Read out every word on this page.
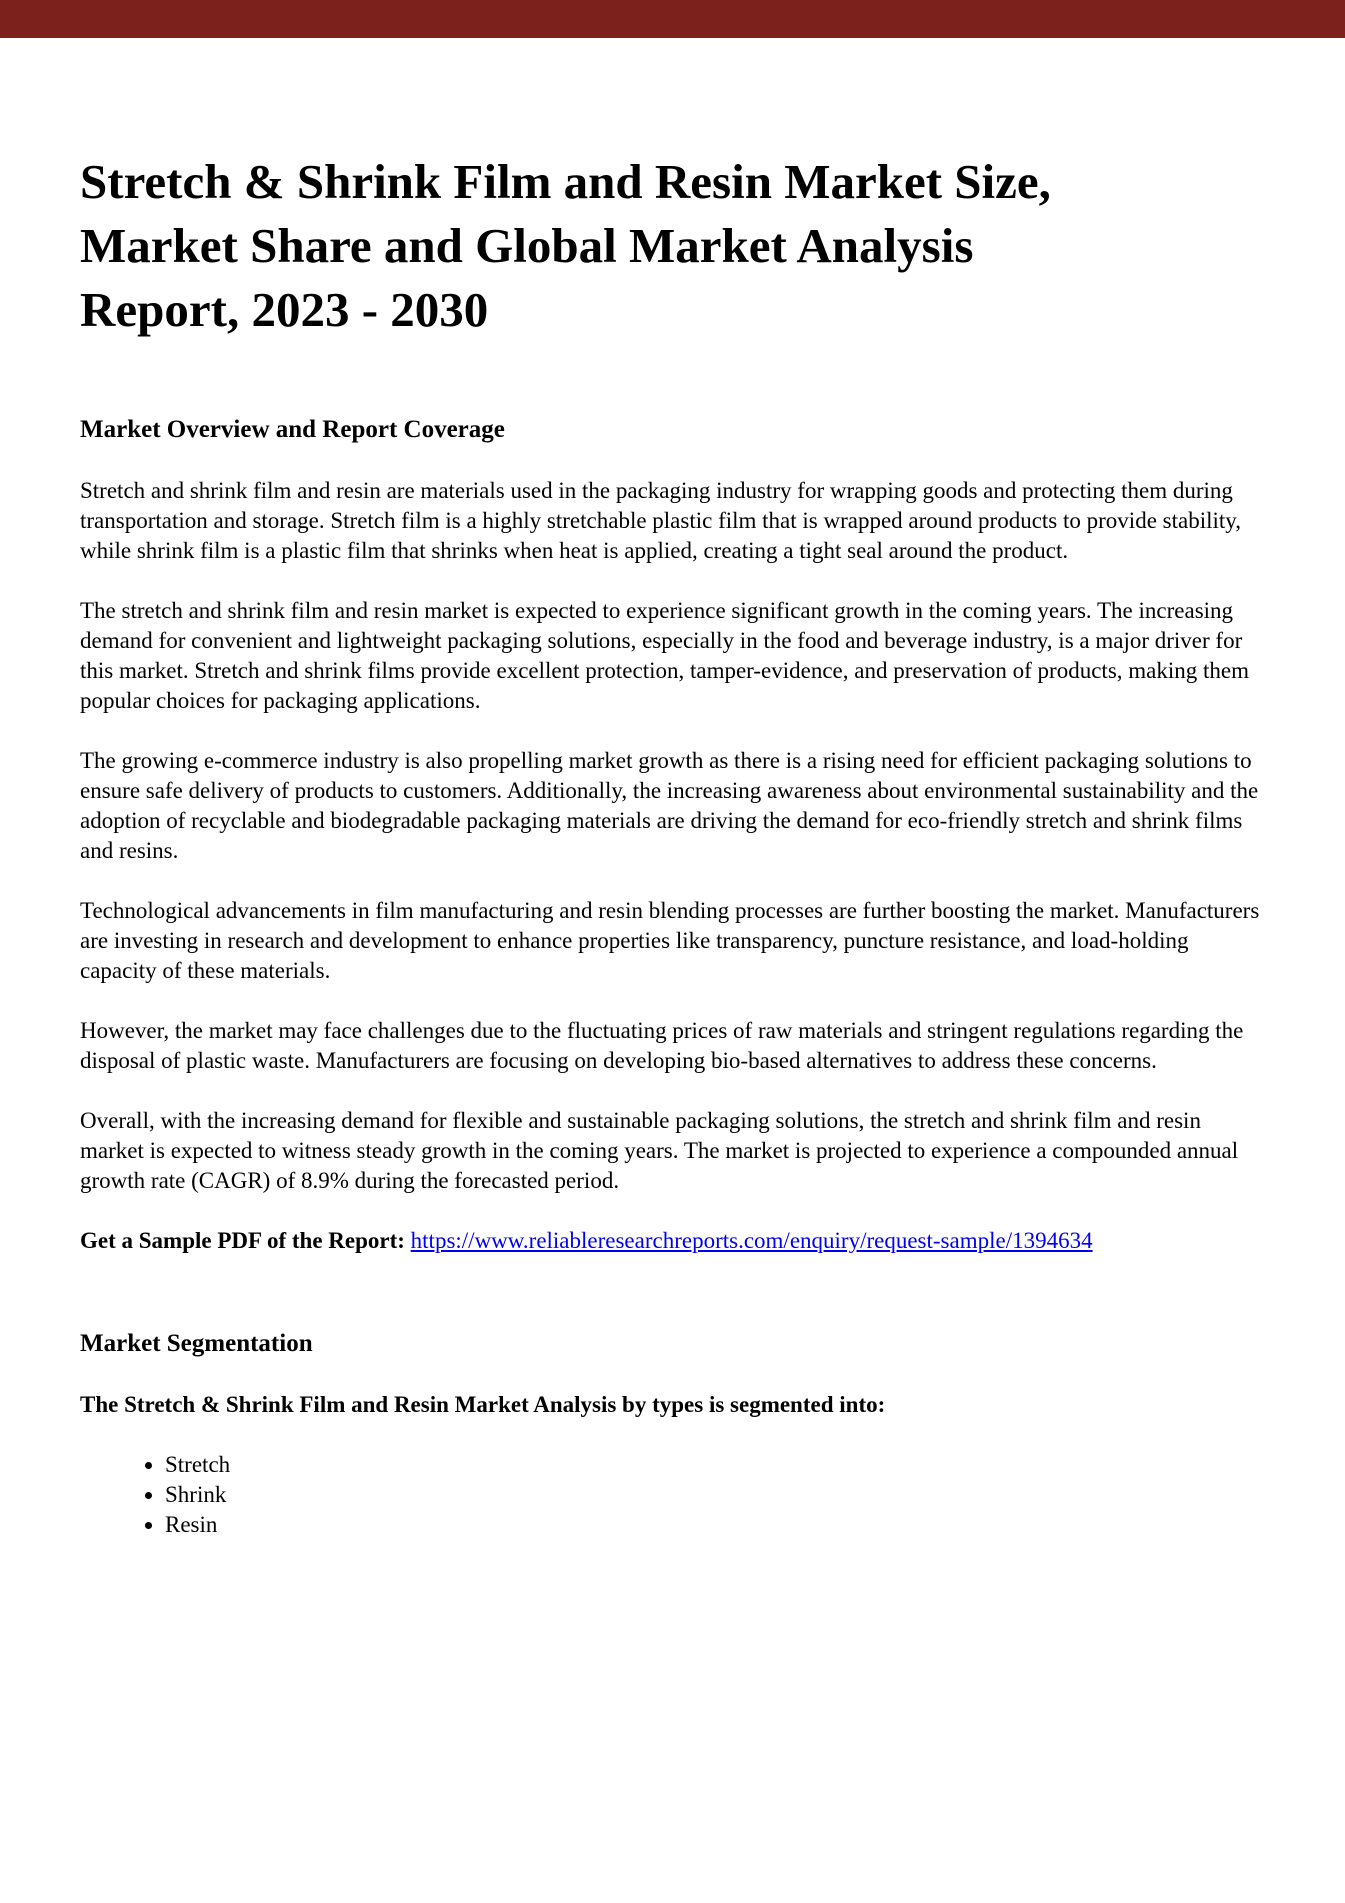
Stretch & Shrink Film and Resin Market Size,
Market Share and Global Market Analysis
Report, 2023 - 2030
Market Overview and Report Coverage

Stretch and shrink film and resin are materials used in the packaging industry for wrapping goods and protecting them during transportation and storage. Stretch film is a highly stretchable plastic film that is wrapped around products to provide stability, while shrink film is a plastic film that shrinks when heat is applied, creating a tight seal around the product.

The stretch and shrink film and resin market is expected to experience significant growth in the coming years. The increasing demand for convenient and lightweight packaging solutions, especially in the food and beverage industry, is a major driver for this market. Stretch and shrink films provide excellent protection, tamper-evidence, and preservation of products, making them popular choices for packaging applications.

The growing e-commerce industry is also propelling market growth as there is a rising need for efficient packaging solutions to ensure safe delivery of products to customers. Additionally, the increasing awareness about environmental sustainability and the adoption of recyclable and biodegradable packaging materials are driving the demand for eco-friendly stretch and shrink films and resins.

Technological advancements in film manufacturing and resin blending processes are further boosting the market. Manufacturers are investing in research and development to enhance properties like transparency, puncture resistance, and load-holding capacity of these materials.

However, the market may face challenges due to the fluctuating prices of raw materials and stringent regulations regarding the disposal of plastic waste. Manufacturers are focusing on developing bio-based alternatives to address these concerns.

Overall, with the increasing demand for flexible and sustainable packaging solutions, the stretch and shrink film and resin market is expected to witness steady growth in the coming years. The market is projected to experience a compounded annual growth rate (CAGR) of 8.9% during the forecasted period.

Get a Sample PDF of the Report: https://www.reliableresearchreports.com/enquiry/request-sample/1394634

Market Segmentation

The Stretch & Shrink Film and Resin Market Analysis by types is segmented into:

• Stretch
• Shrink
• Resin
